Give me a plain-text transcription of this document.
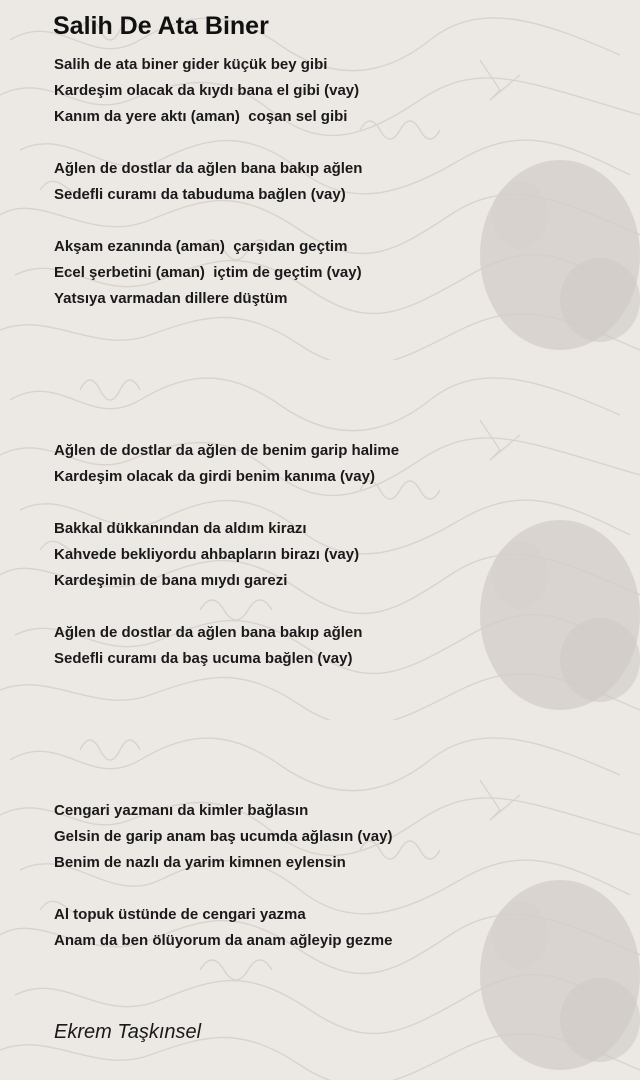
Salih De Ata Biner
Salih de ata biner gider küçük bey gibi
Kardeşim olacak da kıydı bana el gibi (vay)
Kanım da yere aktı (aman)  coşan sel gibi
Ağlen de dostlar da ağlen bana bakıp ağlen
Sedefli curamı da tabuduma bağlen (vay)
Akşam ezanında (aman)  çarşıdan geçtim
Ecel şerbetini (aman)  içtim de geçtim (vay)
Yatsıya varmadan dillere düştüm
Ağlen de dostlar da ağlen de benim garip halime
Kardeşim olacak da girdi benim kanıma (vay)
Bakkal dükkanından da aldım kirazı
Kahvede bekliyordu ahbapların birazı (vay)
Kardeşimin de bana mıydı garezi
Ağlen de dostlar da ağlen bana bakıp ağlen
Sedefli curamı da baş ucuma bağlen (vay)
Cengari yazmanı da kimler bağlasın
Gelsin de garip anam baş ucumda ağlasın (vay)
Benim de nazlı da yarim kimnen eylensin
Al topuk üstünde de cengari yazma
Anam da ben ölüyorum da anam ağleyip gezme
Ekrem Taşkınsel
